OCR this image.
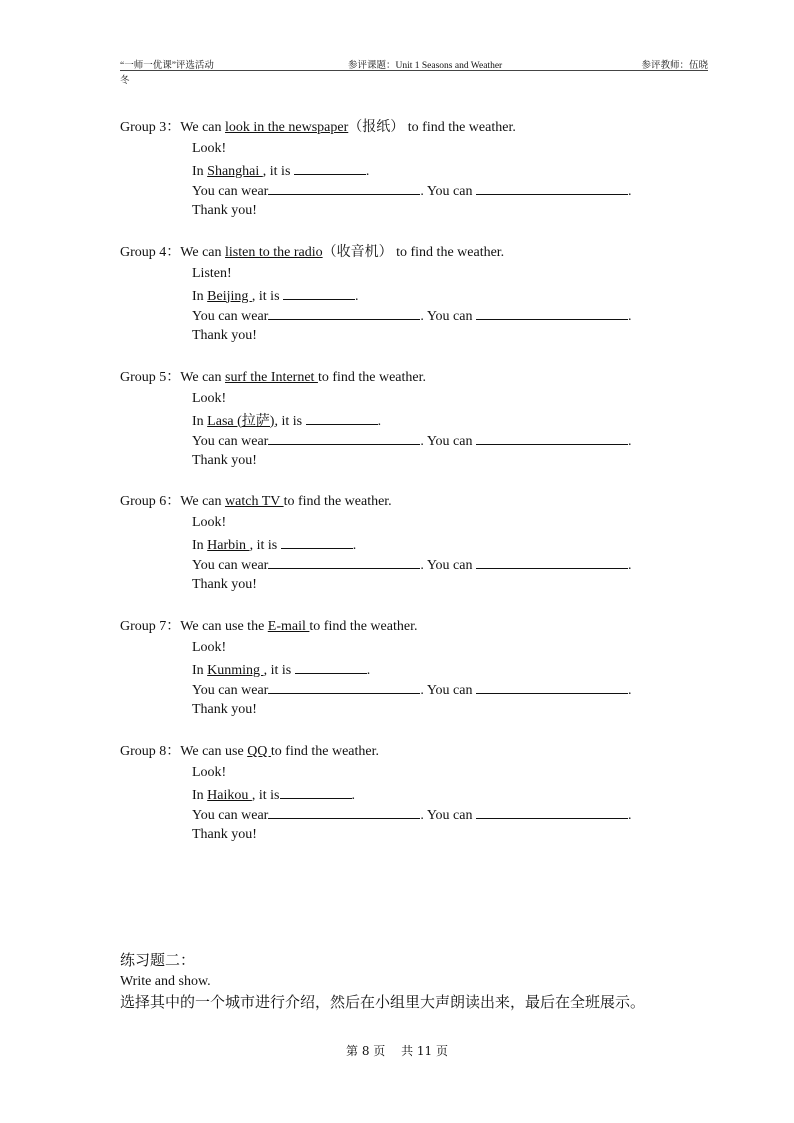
“一师一优课”评选活动	参评课题：Unit 1 Seasons and Weather	参评教师：伍晓
冬
Group 3：We can look in the newspaper（报纸） to find the weather.
Look!
In Shanghai , it is	.
You can wear	. You can	.
Thank you!
Group 4：We can listen to the radio（收音机） to find the weather.
Listen!
In Beijing , it is	.
You can wear	. You can	.
Thank you!
Group 5：We can surf the Internet to find the weather.
Look!
In Lasa (拉萨), it is	.
You can wear	. You can	.
Thank you!
Group 6：We can watch TV to find the weather.
Look!
In Harbin , it is	.
You can wear	. You can	.
Thank you!
Group 7：We can use the E-mail to find the weather.
Look!
In Kunming , it is	.
You can wear	. You can	.
Thank you!
Group 8：We can use QQ to find the weather.
Look!
In Haikou , it is	.
You can wear	. You can	.
Thank you!
练习题二：
Write and show.
选择其中的一个城市进行介绍，然后在小组里大声朗读出来，最后在全班展示。
第 8 页 共 11 页
